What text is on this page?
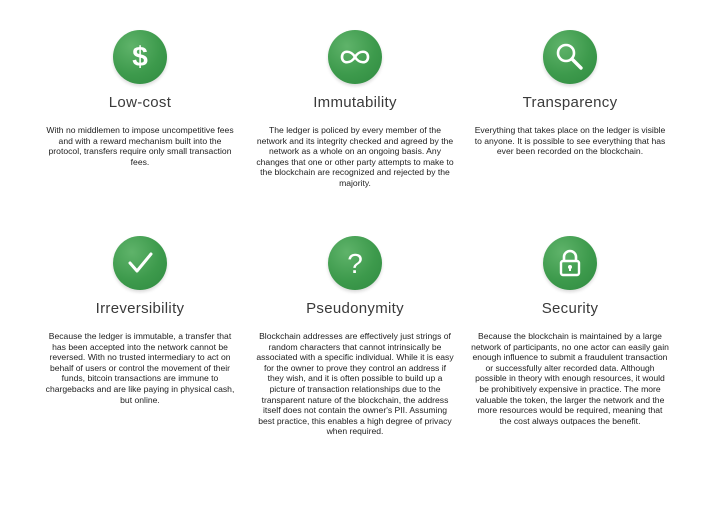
$
Low-cost
With no middlemen to impose uncompetitive fees and with a reward mechanism built into the protocol, transfers require only small transaction fees.
Immutability
The ledger is policed by every member of the network and its integrity checked and agreed by the network as a whole on an ongoing basis. Any changes that one or other party attempts to make to the blockchain are recognized and rejected by the majority.
Transparency
Everything that takes place on the ledger is visible to anyone. It is possible to see everything that has ever been recorded on the blockchain.
Irreversibility
Because the ledger is immutable, a transfer that has been accepted into the network cannot be reversed. With no trusted intermediary to act on behalf of users or control the movement of their funds, bitcoin transactions are immune to chargebacks and are like paying in physical cash, but online.
?
Pseudonymity
Blockchain addresses are effectively just strings of random characters that cannot intrinsically be associated with a specific individual. While it is easy for the owner to prove they control an address if they wish, and it is often possible to build up a picture of transaction relationships due to the transparent nature of the blockchain, the address itself does not contain the owner's PII. Assuming best practice, this enables a high degree of privacy when required.
Security
Because the blockchain is maintained by a large network of participants, no one actor can easily gain enough influence to submit a fraudulent transaction or successfully alter recorded data. Although possible in theory with enough resources, it would be prohibitively expensive in practice. The more valuable the token, the larger the network and the more resources would be required, meaning that the cost always outpaces the benefit.
